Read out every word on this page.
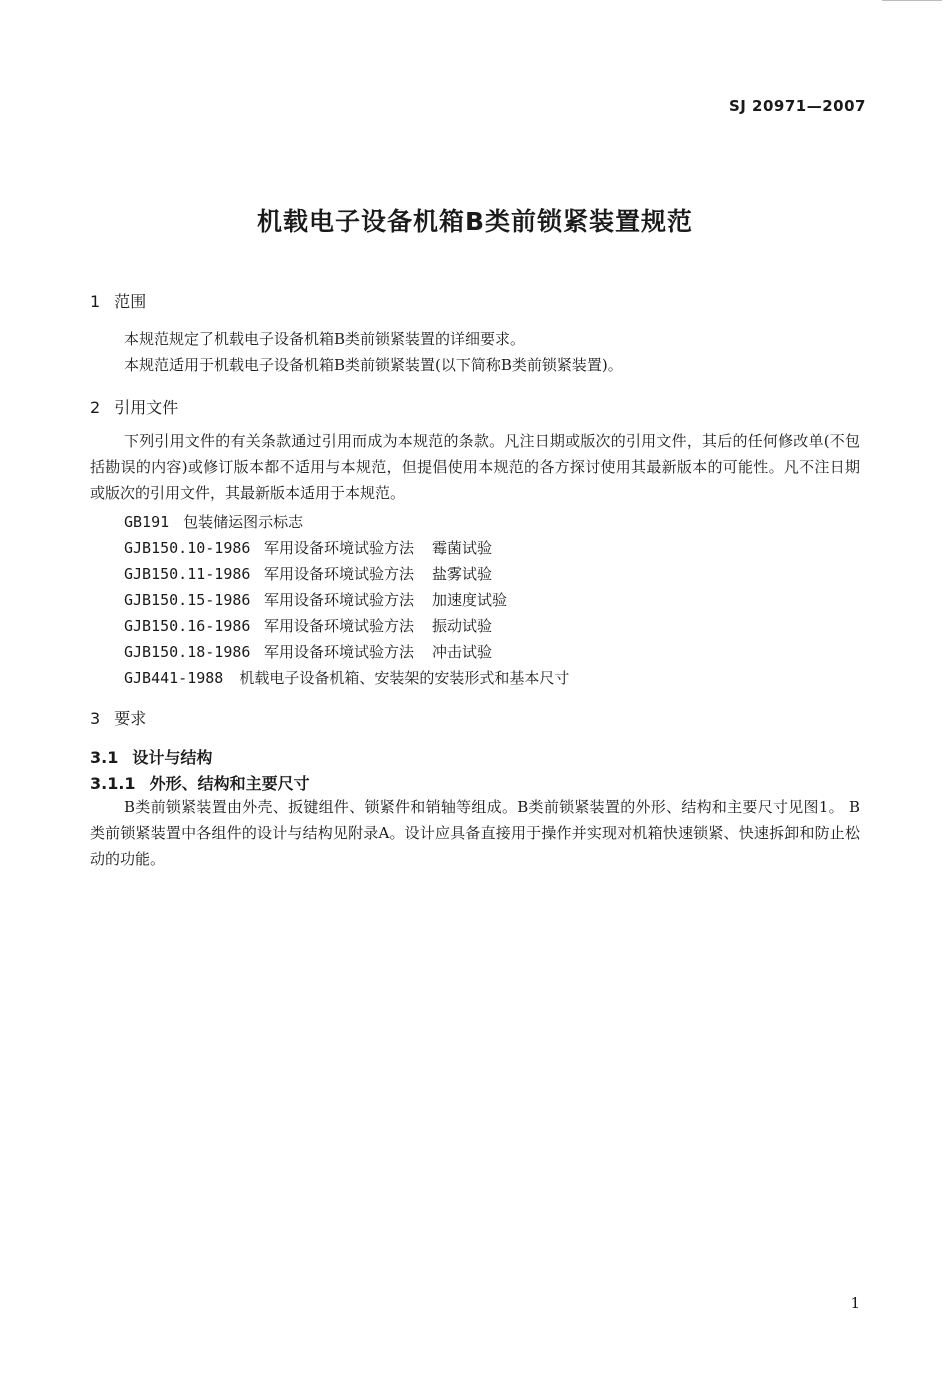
SJ 20971—2007
机载电子设备机箱B类前锁紧装置规范
1 范围
本规范规定了机载电子设备机箱B类前锁紧装置的详细要求。
本规范适用于机载电子设备机箱B类前锁紧装置(以下简称B类前锁紧装置)。
2 引用文件
下列引用文件的有关条款通过引用而成为本规范的条款。凡注日期或版次的引用文件，其后的任何修改单(不包括勘误的内容)或修订版本都不适用与本规范，但提倡使用本规范的各方探讨使用其最新版本的可能性。凡不注日期或版次的引用文件，其最新版本适用于本规范。
GB191 包装储运图示标志
GJB150.10-1986 军用设备环境试验方法 霉菌试验
GJB150.11-1986 军用设备环境试验方法 盐雾试验
GJB150.15-1986 军用设备环境试验方法 加速度试验
GJB150.16-1986 军用设备环境试验方法 振动试验
GJB150.18-1986 军用设备环境试验方法 冲击试验
GJB441-1988 机载电子设备机箱、安装架的安装形式和基本尺寸
3 要求
3.1 设计与结构
3.1.1 外形、结构和主要尺寸
B类前锁紧装置由外壳、扳键组件、锁紧件和销轴等组成。B类前锁紧装置的外形、结构和主要尺寸见图1。 B类前锁紧装置中各组件的设计与结构见附录A。设计应具备直接用于操作并实现对机箱快速锁紧、快速拆卸和防止松动的功能。
1
